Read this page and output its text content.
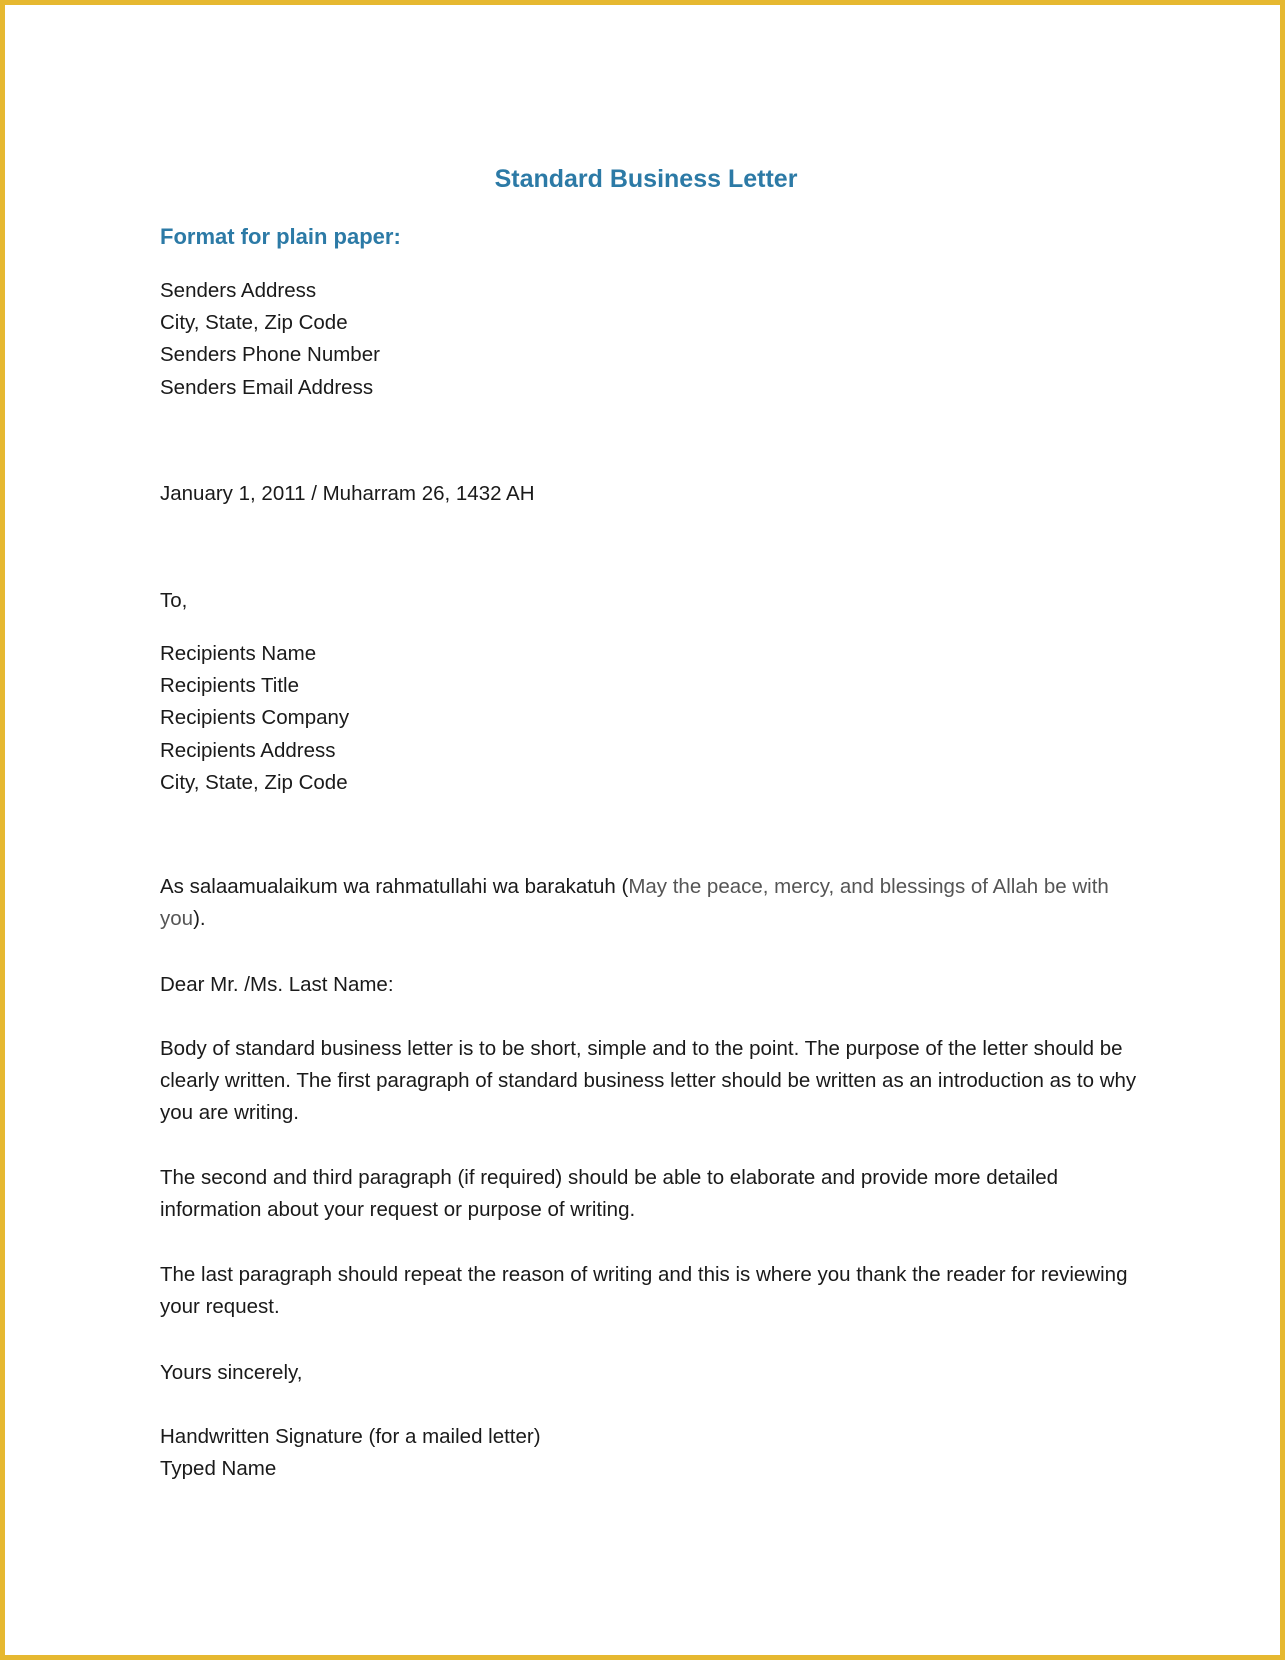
Standard Business Letter
Format for plain paper:
Senders Address
City, State, Zip Code
Senders Phone Number
Senders Email Address
January 1, 2011 / Muharram 26, 1432 AH
To,
Recipients Name
Recipients Title
Recipients Company
Recipients Address
City, State, Zip Code

As salaamualaikum wa rahmatullahi wa barakatuh (May the peace, mercy, and blessings of Allah be with you).

Dear Mr. /Ms. Last Name:

Body of standard business letter is to be short, simple and to the point. The purpose of the letter should be clearly written. The first paragraph of standard business letter should be written as an introduction as to why you are writing.

The second and third paragraph (if required) should be able to elaborate and provide more detailed information about your request or purpose of writing.

The last paragraph should repeat the reason of writing and this is where you thank the reader for reviewing your request.

Yours sincerely,

Handwritten Signature (for a mailed letter)
Typed Name
